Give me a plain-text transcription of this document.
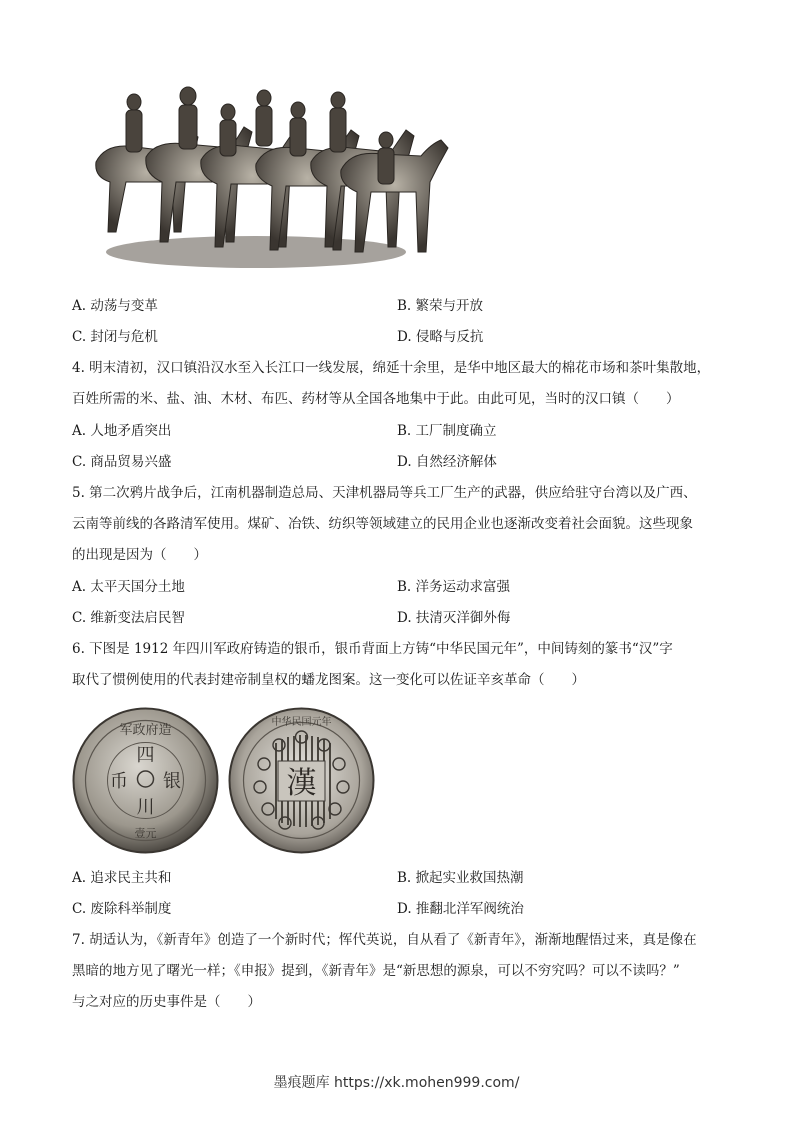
A. 动荡与变革	B. 繁荣与开放
C. 封闭与危机	D. 侵略与反抗
4. 明末清初，汉口镇沿汉水至入长江口一线发展，绵延十余里，是华中地区最大的棉花市场和茶叶集散地，
百姓所需的米、盐、油、木材、布匹、药材等从全国各地集中于此。由此可见，当时的汉口镇（　　）
A. 人地矛盾突出	B. 工厂制度确立
C. 商品贸易兴盛	D. 自然经济解体
5. 第二次鸦片战争后，江南机器制造总局、天津机器局等兵工厂生产的武器，供应给驻守台湾以及广西、
云南等前线的各路清军使用。煤矿、冶铁、纺织等领域建立的民用企业也逐渐改变着社会面貌。这些现象
的出现是因为（　　）
A. 太平天国分土地	B. 洋务运动求富强
C. 维新变法启民智	D. 扶清灭洋御外侮
6. 下图是 1912 年四川军政府铸造的银币，银币背面上方铸“中华民国元年”，中间铸刻的篆书“汉”字
取代了惯例使用的代表封建帝制皇权的蟠龙图案。这一变化可以佐证辛亥革命（　　）
军政府造
四
川
银
币
壹元
漢
中华民国元年
A. 追求民主共和	B. 掀起实业救国热潮
C. 废除科举制度	D. 推翻北洋军阀统治
7. 胡适认为，《新青年》创造了一个新时代；恽代英说，自从看了《新青年》，渐渐地醒悟过来，真是像在
黑暗的地方见了曙光一样；《申报》提到，《新青年》是“新思想的源泉，可以不穷究吗？可以不读吗？”
与之对应的历史事件是（　　）
墨痕题库 https://xk.mohen999.com/
